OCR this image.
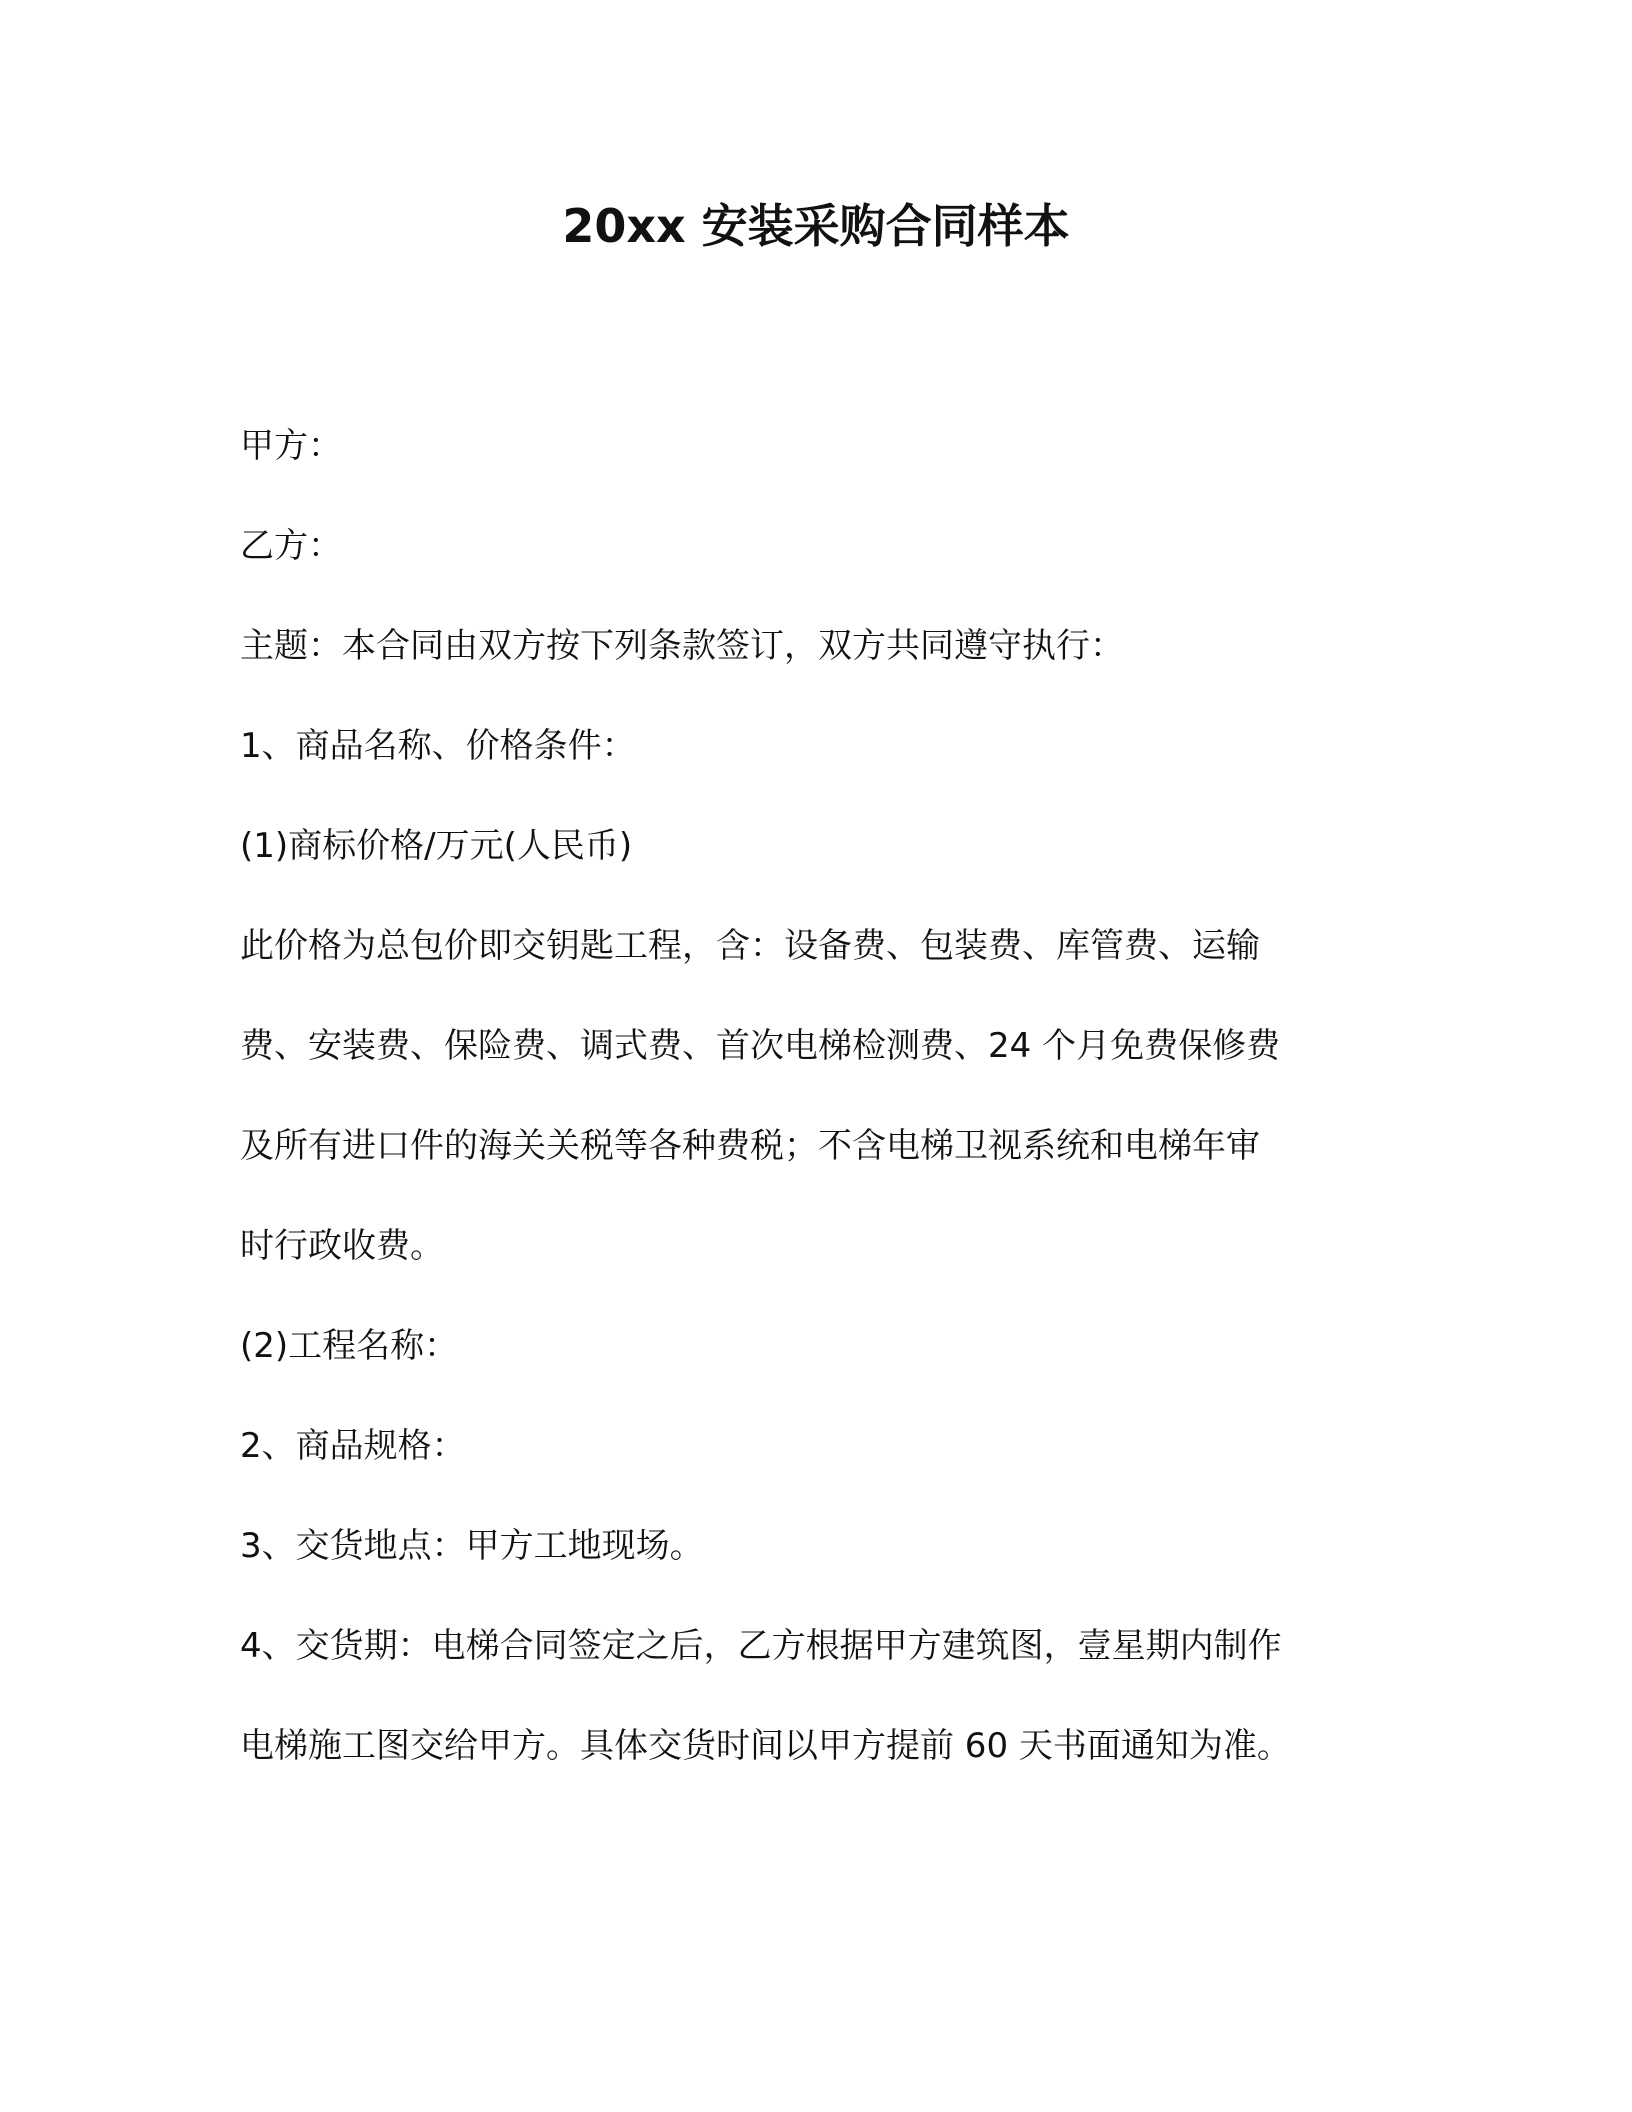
20xx 安装采购合同样本
甲方：
乙方：
主题：本合同由双方按下列条款签订，双方共同遵守执行：
1、商品名称、价格条件：
(1)商标价格/万元(人民币)
此价格为总包价即交钥匙工程，含：设备费、包装费、库管费、运输
费、安装费、保险费、调式费、首次电梯检测费、24 个月免费保修费
及所有进口件的海关关税等各种费税；不含电梯卫视系统和电梯年审
时行政收费。
(2)工程名称：
2、商品规格：
3、交货地点：甲方工地现场。
4、交货期：电梯合同签定之后，乙方根据甲方建筑图，壹星期内制作
电梯施工图交给甲方。具体交货时间以甲方提前 60 天书面通知为准。
